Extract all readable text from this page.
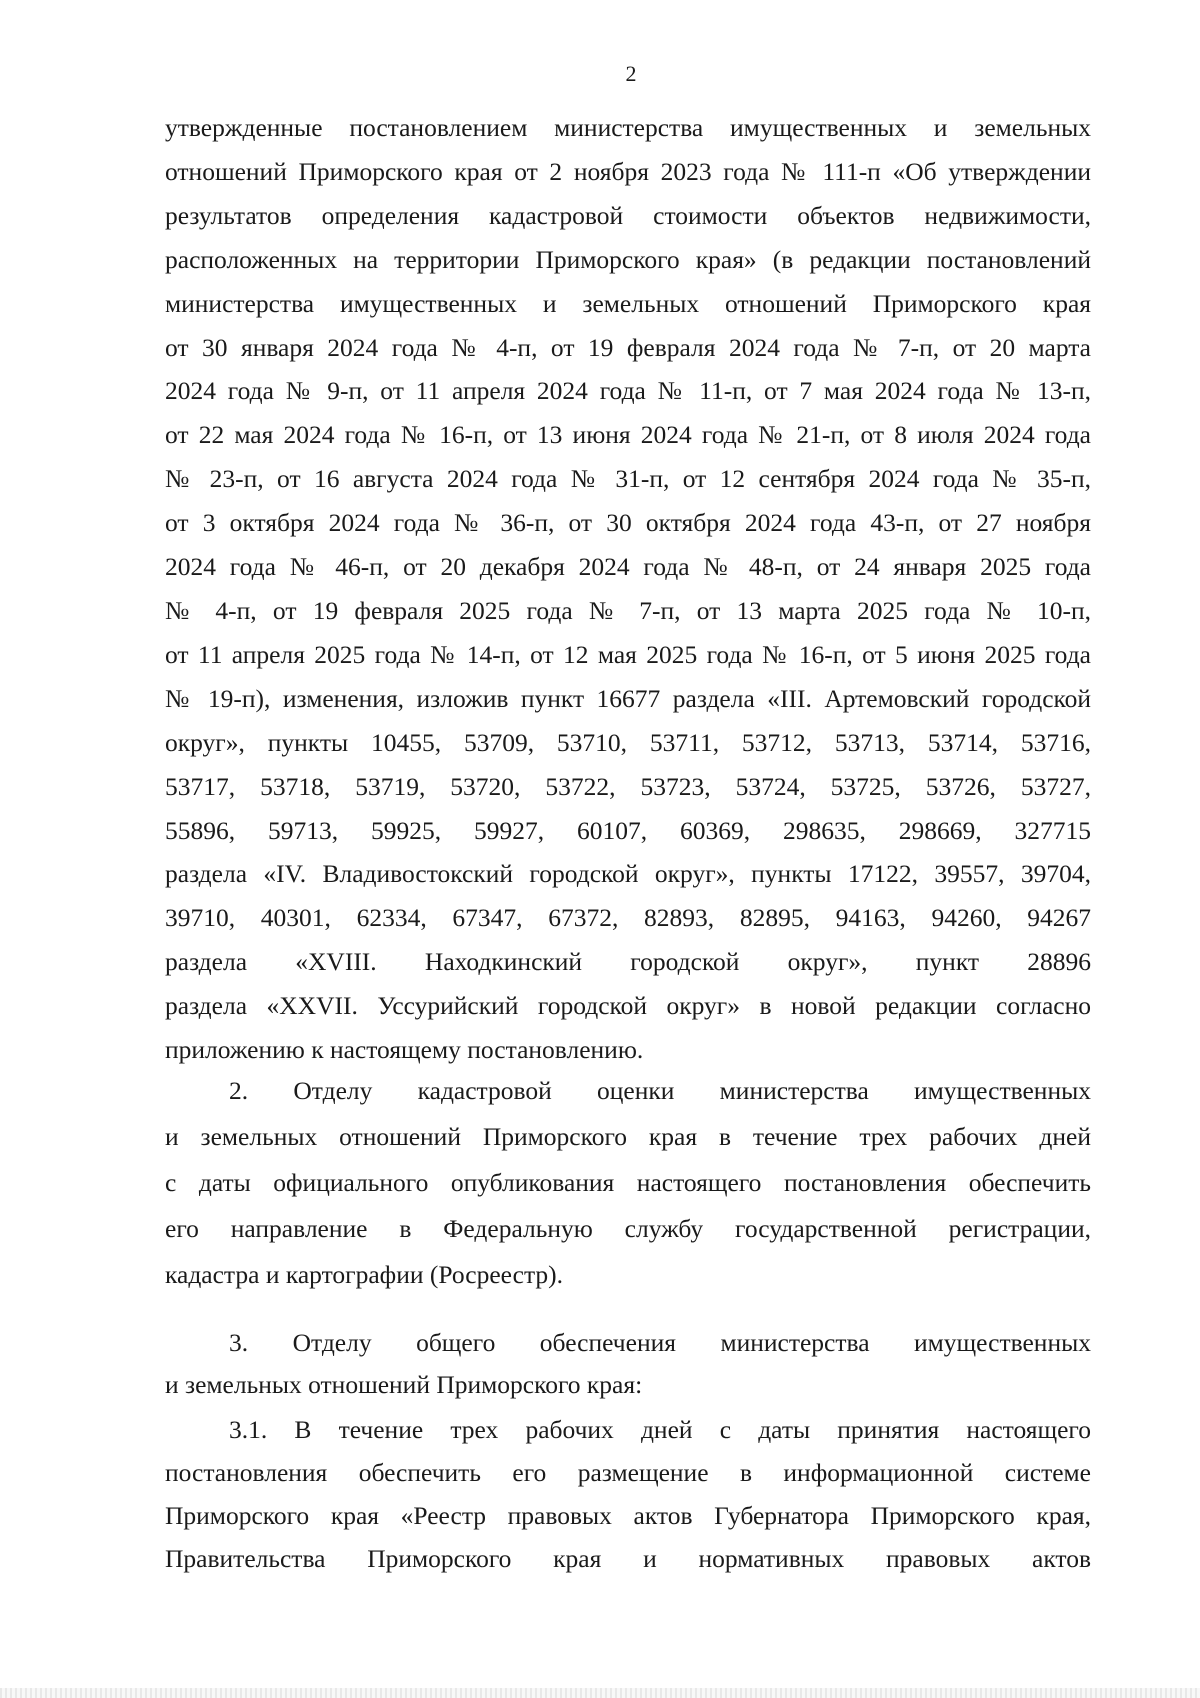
2
утвержденные постановлением министерства имущественных и земельных
отношений Приморского края от 2 ноября 2023 года № 111-п «Об утверждении
результатов определения кадастровой стоимости объектов недвижимости,
расположенных на территории Приморского края» (в редакции постановлений
министерства имущественных и земельных отношений Приморского края
от 30 января 2024 года № 4-п, от 19 февраля 2024 года № 7-п, от 20 марта
2024 года № 9-п, от 11 апреля 2024 года № 11-п, от 7 мая 2024 года № 13-п,
от 22 мая 2024 года № 16-п, от 13 июня 2024 года № 21-п, от 8 июля 2024 года
№ 23-п, от 16 августа 2024 года № 31-п, от 12 сентября 2024 года № 35-п,
от 3 октября 2024 года № 36-п, от 30 октября 2024 года 43-п, от 27 ноября
2024 года № 46-п, от 20 декабря 2024 года № 48-п, от 24 января 2025 года
№ 4-п, от 19 февраля 2025 года № 7-п, от 13 марта 2025 года № 10-п,
от 11 апреля 2025 года № 14-п, от 12 мая 2025 года № 16-п, от 5 июня 2025 года
№ 19-п), изменения, изложив пункт 16677 раздела «III. Артемовский городской
округ», пункты 10455, 53709, 53710, 53711, 53712, 53713, 53714, 53716,
53717, 53718, 53719, 53720, 53722, 53723, 53724, 53725, 53726, 53727,
55896, 59713, 59925, 59927, 60107, 60369, 298635, 298669, 327715
раздела «IV. Владивостокский городской округ», пункты 17122, 39557, 39704,
39710, 40301, 62334, 67347, 67372, 82893, 82895, 94163, 94260, 94267
раздела «XVIII. Находкинский городской округ», пункт 28896
раздела «XXVII. Уссурийский городской округ» в новой редакции согласно
приложению к настоящему постановлению.
2. Отделу кадастровой оценки министерства имущественных
и земельных отношений Приморского края в течение трех рабочих дней
с даты официального опубликования настоящего постановления обеспечить
его направление в Федеральную службу государственной регистрации,
кадастра и картографии (Росреестр).
3. Отделу общего обеспечения министерства имущественных
и земельных отношений Приморского края:
3.1. В течение трех рабочих дней с даты принятия настоящего
постановления обеспечить его размещение в информационной системе
Приморского края «Реестр правовых актов Губернатора Приморского края,
Правительства Приморского края и нормативных правовых актов
